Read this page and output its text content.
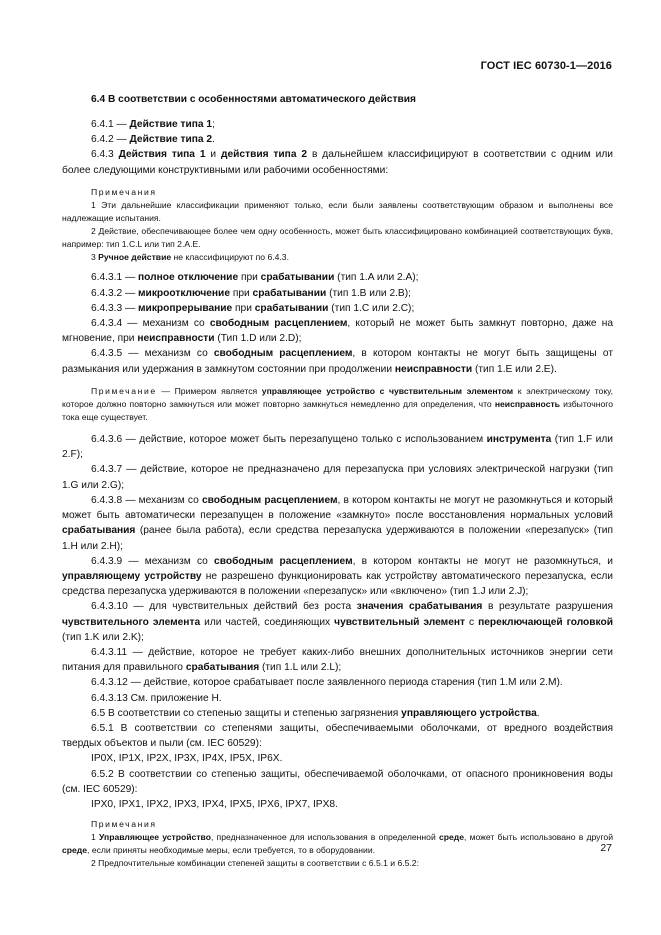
ГОСТ IEC 60730-1—2016

6.4 В соответствии с особенностями автоматического действия

6.4.1 — Действие типа 1;

6.4.2 — Действие типа 2.

6.4.3 Действия типа 1 и действия типа 2 в дальнейшем классифицируют в соответствии с одним или более следующими конструктивными или рабочими особенностями:

Примечания

1 Эти дальнейшие классификации применяют только, если были заявлены соответствующим образом и выполнены все надлежащие испытания.

2 Действие, обеспечивающее более чем одну особенность, может быть классифицировано комбинацией соответствующих букв, например: тип 1.C.L или тип 2.A.E.

3 Ручное действие не классифицируют по 6.4.3.

6.4.3.1 — полное отключение при срабатывании (тип 1.A или 2.A);

6.4.3.2 — микроотключение при срабатывании (тип 1.B или 2.B);

6.4.3.3 — микропрерывание при срабатывании (тип 1.C или 2.C);

6.4.3.4 — механизм со свободным расцеплением, который не может быть замкнут повторно, даже на мгновение, при неисправности (Тип 1.D или 2.D);

6.4.3.5 — механизм со свободным расцеплением, в котором контакты не могут быть защищены от размыкания или удержания в замкнутом состоянии при продолжении неисправности (тип 1.E или 2.E).

Примечание — Примером является управляющее устройство с чувствительным элементом к электрическому току, которое должно повторно замкнуться или может повторно замкнуться немедленно для определения, что неисправность избыточного тока еще существует.

6.4.3.6 — действие, которое может быть перезапущено только с использованием инструмента (тип 1.F или 2.F);

6.4.3.7 — действие, которое не предназначено для перезапуска при условиях электрической нагрузки (тип 1.G или 2.G);

6.4.3.8 — механизм со свободным расцеплением, в котором контакты не могут не разомкнуться и который может быть автоматически перезапущен в положение «замкнуто» после восстановления нормальных условий срабатывания (ранее была работа), если средства перезапуска удерживаются в положении «перезапуск» (тип 1.H или 2.H);

6.4.3.9 — механизм со свободным расцеплением, в котором контакты не могут не разомкнуться, и управляющему устройству не разрешено функционировать как устройству автоматического перезапуска, если средства перезапуска удерживаются в положении «перезапуск» или «включено» (тип 1.J или 2.J);

6.4.3.10 — для чувствительных действий без роста значения срабатывания в результате разрушения чувствительного элемента или частей, соединяющих чувствительный элемент с переключающей головкой (тип 1.K или 2.K);

6.4.3.11 — действие, которое не требует каких-либо внешних дополнительных источников энергии сети питания для правильного срабатывания (тип 1.L или 2.L);

6.4.3.12 — действие, которое срабатывает после заявленного периода старения (тип 1.M или 2.M).

6.4.3.13 См. приложение H.

6.5 В соответствии со степенью защиты и степенью загрязнения управляющего устройства.

6.5.1 В соответствии со степенями защиты, обеспечиваемыми оболочками, от вредного воздействия твердых объектов и пыли (см. IEC 60529):

IP0X, IP1X, IP2X, IP3X, IP4X, IP5X, IP6X.

6.5.2 В соответствии со степенью защиты, обеспечиваемой оболочками, от опасного проникновения воды (см. IEC 60529):

IPX0, IPX1, IPX2, IPX3, IPX4, IPX5, IPX6, IPX7, IPX8.

Примечания

1 Управляющее устройство, предназначенное для использования в определенной среде, может быть использовано в другой среде, если приняты необходимые меры, если требуется, то в оборудовании.

2 Предпочтительные комбинации степеней защиты в соответствии с 6.5.1 и 6.5.2:

27
